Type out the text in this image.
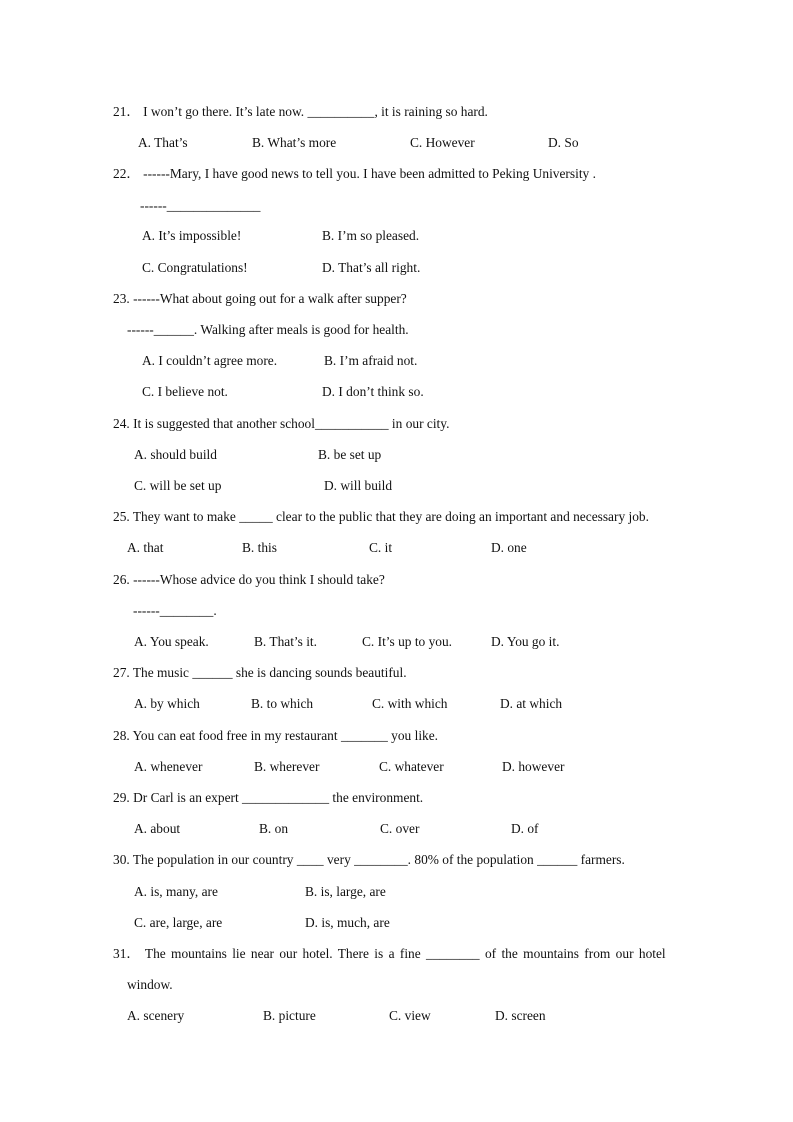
21． I won’t go there. It’s late now. __________, it is raining so hard.
A. That’s	B. What’s more	C. However	D. So
22． ------Mary, I have good news to tell you. I have been admitted to Peking University .
------______________
A. It’s impossible!	B. I’m so pleased.
C. Congratulations!	D. That’s all right.
23. ------What about going out for a walk after supper?
------______. Walking after meals is good for health.
A. I couldn’t agree more.	B. I’m afraid not.
C. I believe not.	D. I don’t think so.
24. It is suggested that another school___________ in our city.
A. should build	B. be set up
C. will be set up	D. will build
25. They want to make _____ clear to the public that they are doing an important and necessary job.
A. that	B. this	C. it	D. one
26. ------Whose advice do you think I should take?
------________.
A. You speak.	B. That’s it.	C. It’s up to you.	D. You go it.
27. The music ______ she is dancing sounds beautiful.
A. by which	B. to which	C. with which	D. at which
28. You can eat food free in my restaurant _______ you like.
A. whenever	B. wherever	C. whatever	D. however
29. Dr Carl is an expert _____________ the environment.
A. about	B. on	C. over	D. of
30. The population in our country ____ very ________. 80% of the population ______ farmers.
A. is, many, are	B. is, large, are
C. are, large, are	D. is, much, are
31． The mountains lie near our hotel. There is a fine ________ of the mountains from our hotel
window.
A. scenery	B. picture	C. view	D. screen
